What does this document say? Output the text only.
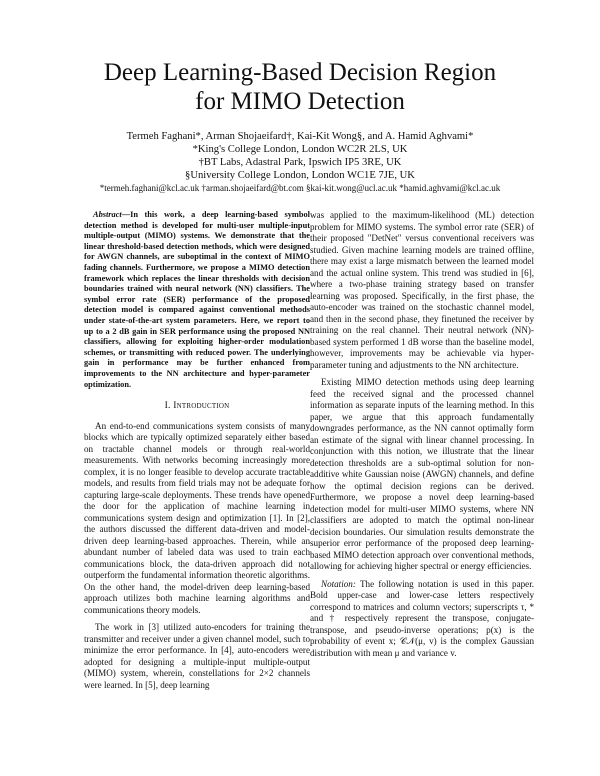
Deep Learning-Based Decision Region
for MIMO Detection
Termeh Faghani*, Arman Shojaeifard†, Kai-Kit Wong§, and A. Hamid Aghvami*
*King's College London, London WC2R 2LS, UK
†BT Labs, Adastral Park, Ipswich IP5 3RE, UK
§University College London, London WC1E 7JE, UK
*termeh.faghani@kcl.ac.uk †arman.shojaeifard@bt.com §kai-kit.wong@ucl.ac.uk *hamid.aghvami@kcl.ac.uk

Abstract—In this work, a deep learning-based symbol detection method is developed for multi-user multiple-input multiple-output (MIMO) systems. We demonstrate that the linear threshold-based detection methods, which were designed for AWGN channels, are suboptimal in the context of MIMO fading channels. Furthermore, we propose a MIMO detection framework which replaces the linear thresholds with decision boundaries trained with neural network (NN) classifiers. The symbol error rate (SER) performance of the proposed detection model is compared against conventional methods under state-of-the-art system parameters. Here, we report to up to a 2 dB gain in SER performance using the proposed NN classifiers, allowing for exploiting higher-order modulation schemes, or transmitting with reduced power. The underlying gain in performance may be further enhanced from improvements to the NN architecture and hyper-parameter optimization.

I. Introduction

An end-to-end communications system consists of many blocks which are typically optimized separately either based on tractable channel models or through real-world measurements. With networks becoming increasingly more complex, it is no longer feasible to develop accurate tractable models, and results from field trials may not be adequate for capturing large-scale deployments. These trends have opened the door for the application of machine learning in communications system design and optimization [1]. In [2], the authors discussed the different data-driven and model-driven deep learning-based approaches. Therein, while an abundant number of labeled data was used to train each communications block, the data-driven approach did not outperform the fundamental information theoretic algorithms. On the other hand, the model-driven deep learning-based approach utilizes both machine learning algorithms and communications theory models.

The work in [3] utilized auto-encoders for training the transmitter and receiver under a given channel model, such to minimize the error performance. In [4], auto-encoders were adopted for designing a multiple-input multiple-output (MIMO) system, wherein, constellations for 2×2 channels were learned. In [5], deep learning

was applied to the maximum-likelihood (ML) detection problem for MIMO systems. The symbol error rate (SER) of their proposed "DetNet" versus conventional receivers was studied. Given machine learning models are trained offline, there may exist a large mismatch between the learned model and the actual online system. This trend was studied in [6], where a two-phase training strategy based on transfer learning was proposed. Specifically, in the first phase, the auto-encoder was trained on the stochastic channel model, and then in the second phase, they finetuned the receiver by training on the real channel. Their neutral network (NN)-based system performed 1 dB worse than the baseline model, however, improvements may be achievable via hyper-parameter tuning and adjustments to the NN architecture.

Existing MIMO detection methods using deep learning feed the received signal and the processed channel information as separate inputs of the learning method. In this paper, we argue that this approach fundamentally downgrades performance, as the NN cannot optimally form an estimate of the signal with linear channel processing. In conjunction with this notion, we illustrate that the linear detection thresholds are a sub-optimal solution for non-additive white Gaussian noise (AWGN) channels, and define how the optimal decision regions can be derived. Furthermore, we propose a novel deep learning-based detection model for multi-user MIMO systems, where NN classifiers are adopted to match the optimal non-linear decision boundaries. Our simulation results demonstrate the superior error performance of the proposed deep learning-based MIMO detection approach over conventional methods, allowing for achieving higher spectral or energy efficiencies.

Notation: The following notation is used in this paper. Bold upper-case and lower-case letters respectively correspond to matrices and column vectors; superscripts τ, * and † respectively represent the transpose, conjugate-transpose, and pseudo-inverse operations; p(x) is the probability of event x; 𝒞𝒩(μ, v) is the complex Gaussian distribution with mean μ and variance v.
